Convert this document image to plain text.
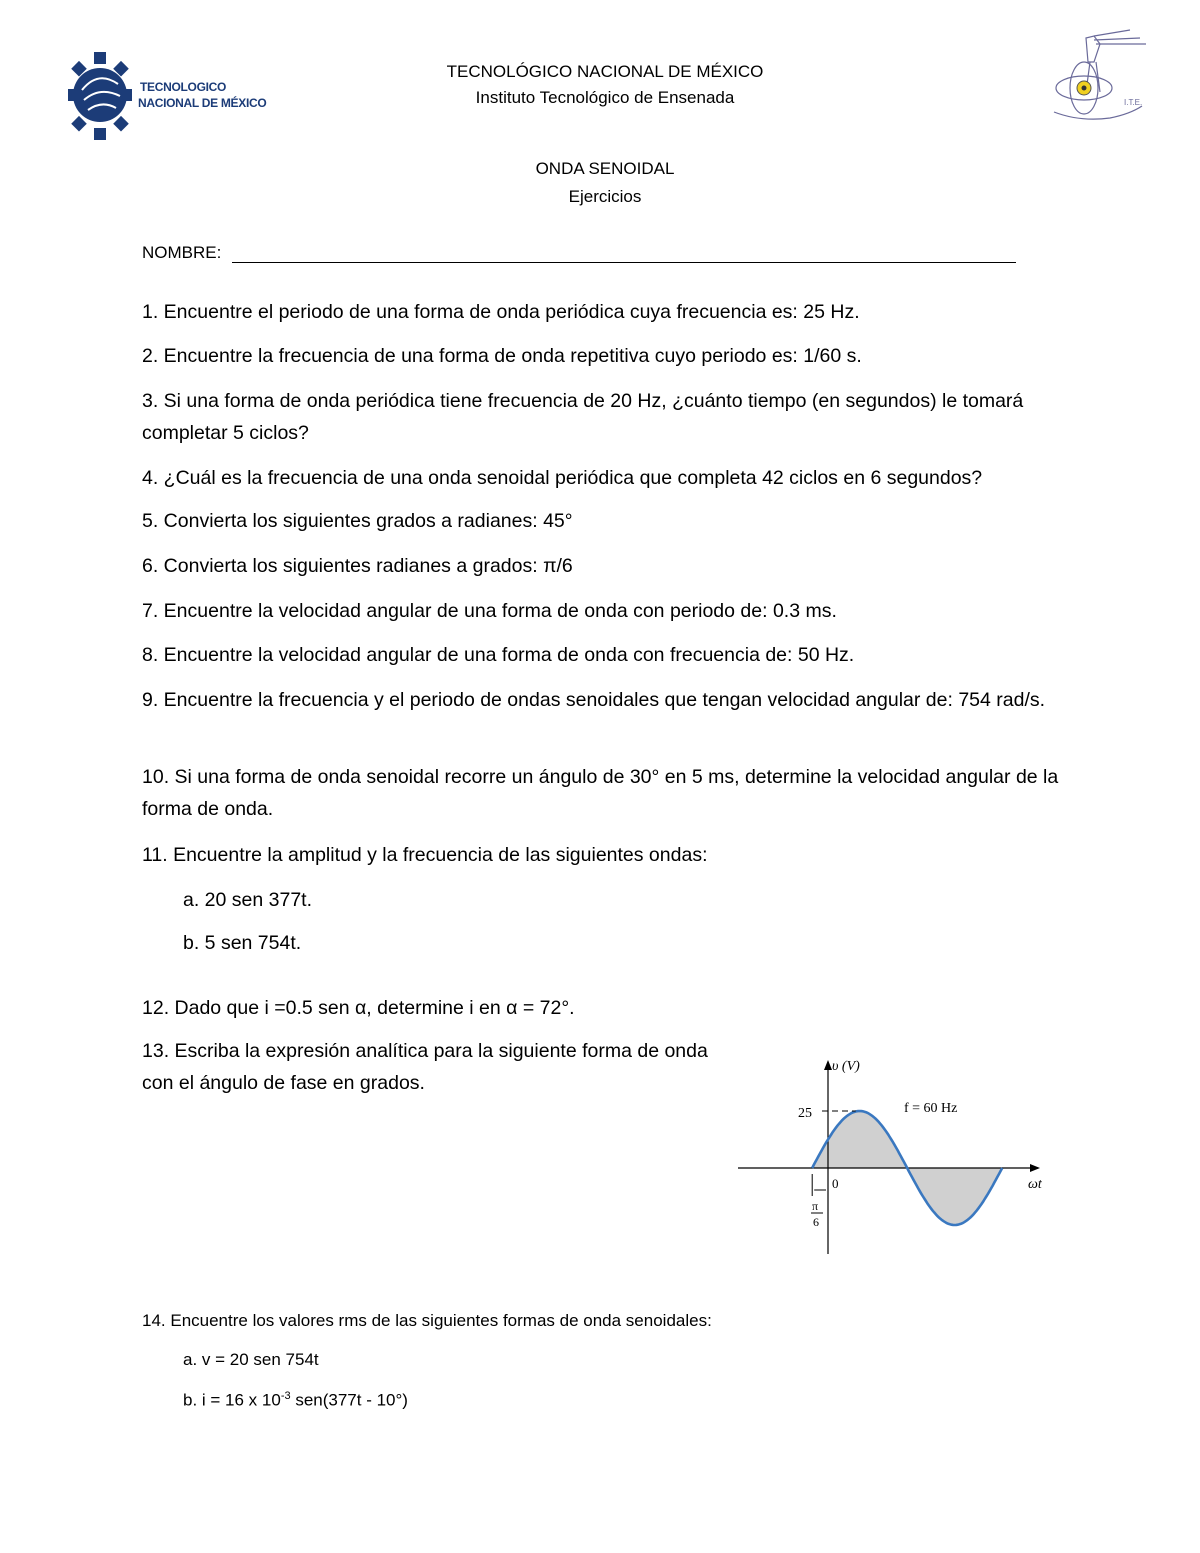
TECNOLOGICO
NACIONAL DE MÉXICO	I.T.E.
TECNOLÓGICO NACIONAL DE MÉXICO
Instituto Tecnológico de Ensenada
ONDA SENOIDAL
Ejercicios
NOMBRE:
1. Encuentre el periodo de una forma de onda periódica cuya frecuencia es: 25 Hz.
2. Encuentre la frecuencia de una forma de onda repetitiva cuyo periodo es: 1/60 s.
3. Si una forma de onda periódica tiene frecuencia de 20 Hz, ¿cuánto tiempo (en segundos) le tomará completar 5 ciclos?
4. ¿Cuál es la frecuencia de una onda senoidal periódica que completa 42 ciclos en 6 segundos?
5. Convierta los siguientes grados a radianes: 45°
6. Convierta los siguientes radianes a grados: π/6
7. Encuentre la velocidad angular de una forma de onda con periodo de: 0.3 ms.
8. Encuentre la velocidad angular de una forma de onda con frecuencia de: 50 Hz.
9. Encuentre la frecuencia y el periodo de ondas senoidales que tengan velocidad angular de: 754 rad/s.
10. Si una forma de onda senoidal recorre un ángulo de 30° en 5 ms, determine la velocidad angular de la forma de onda.
11. Encuentre la amplitud y la frecuencia de las siguientes ondas:
a. 20 sen 377t.
b. 5 sen 754t.
12. Dado que i =0.5 sen α, determine i en α = 72°.
13. Escriba la expresión analítica para la siguiente forma de onda con el ángulo de fase en grados.
25
υ (V)
f = 60 Hz
0	ωt
π
6
14. Encuentre los valores rms de las siguientes formas de onda senoidales:
a. v = 20 sen 754t
b. i = 16 x $10^{-3}$ sen(377t - 10°)
